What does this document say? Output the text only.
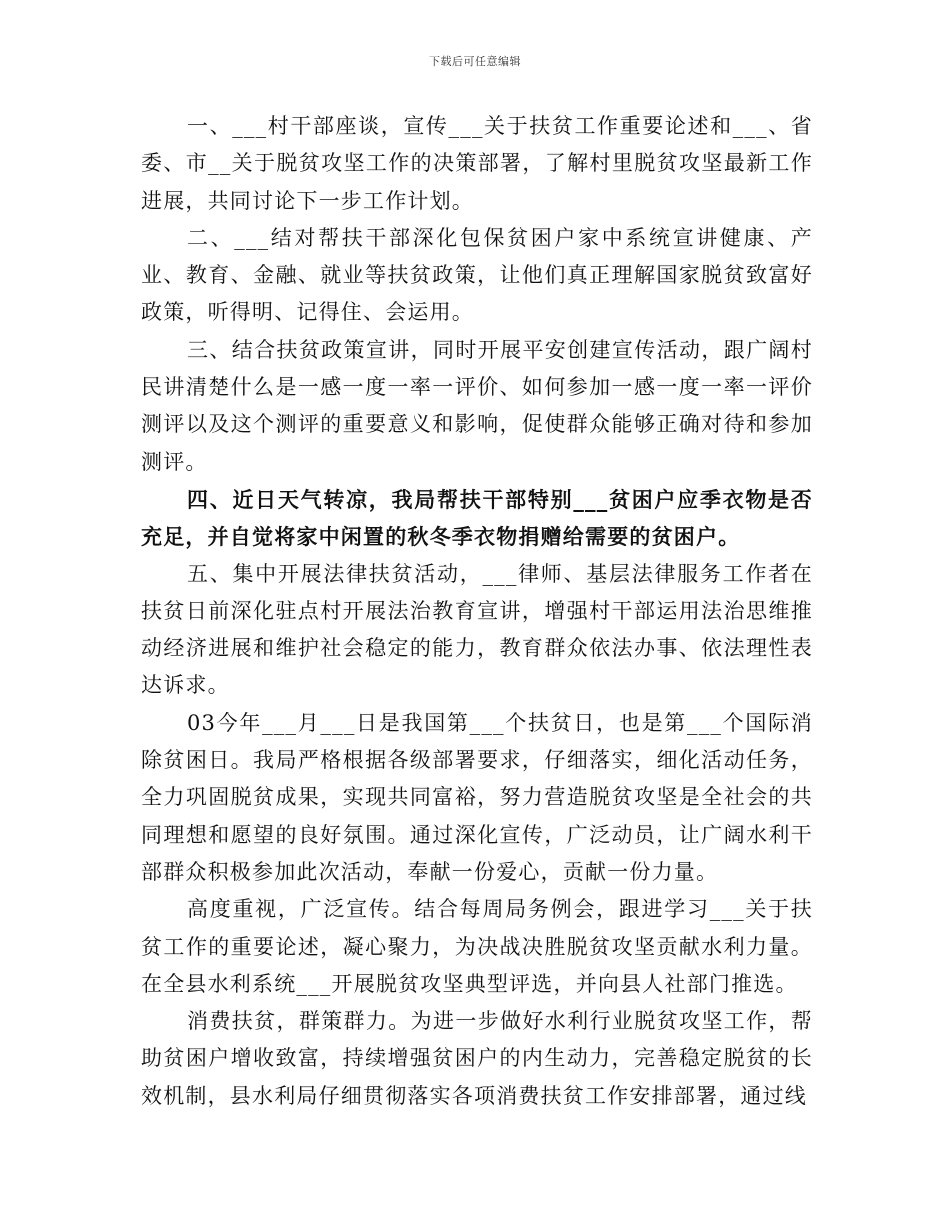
下载后可任意编辑

一、___村干部座谈，宣传___关于扶贫工作重要论述和___、省委、市__关于脱贫攻坚工作的决策部署，了解村里脱贫攻坚最新工作进展，共同讨论下一步工作计划。

二、___结对帮扶干部深化包保贫困户家中系统宣讲健康、产业、教育、金融、就业等扶贫政策，让他们真正理解国家脱贫致富好政策，听得明、记得住、会运用。

三、结合扶贫政策宣讲，同时开展平安创建宣传活动，跟广阔村民讲清楚什么是一感一度一率一评价、如何参加一感一度一率一评价测评以及这个测评的重要意义和影响，促使群众能够正确对待和参加测评。

四、近日天气转凉，我局帮扶干部特别___贫困户应季衣物是否充足，并自觉将家中闲置的秋冬季衣物捐赠给需要的贫困户。

五、集中开展法律扶贫活动，___律师、基层法律服务工作者在扶贫日前深化驻点村开展法治教育宣讲，增强村干部运用法治思维推动经济进展和维护社会稳定的能力，教育群众依法办事、依法理性表达诉求。

03今年___月___日是我国第___个扶贫日，也是第___个国际消除贫困日。我局严格根据各级部署要求，仔细落实，细化活动任务，全力巩固脱贫成果，实现共同富裕，努力营造脱贫攻坚是全社会的共同理想和愿望的良好氛围。通过深化宣传，广泛动员，让广阔水利干部群众积极参加此次活动，奉献一份爱心，贡献一份力量。

高度重视，广泛宣传。结合每周局务例会，跟进学习___关于扶贫工作的重要论述，凝心聚力，为决战决胜脱贫攻坚贡献水利力量。在全县水利系统___开展脱贫攻坚典型评选，并向县人社部门推选。

消费扶贫，群策群力。为进一步做好水利行业脱贫攻坚工作，帮助贫困户增收致富，持续增强贫困户的内生动力，完善稳定脱贫的长效机制，县水利局仔细贯彻落实各项消费扶贫工作安排部署，通过线
